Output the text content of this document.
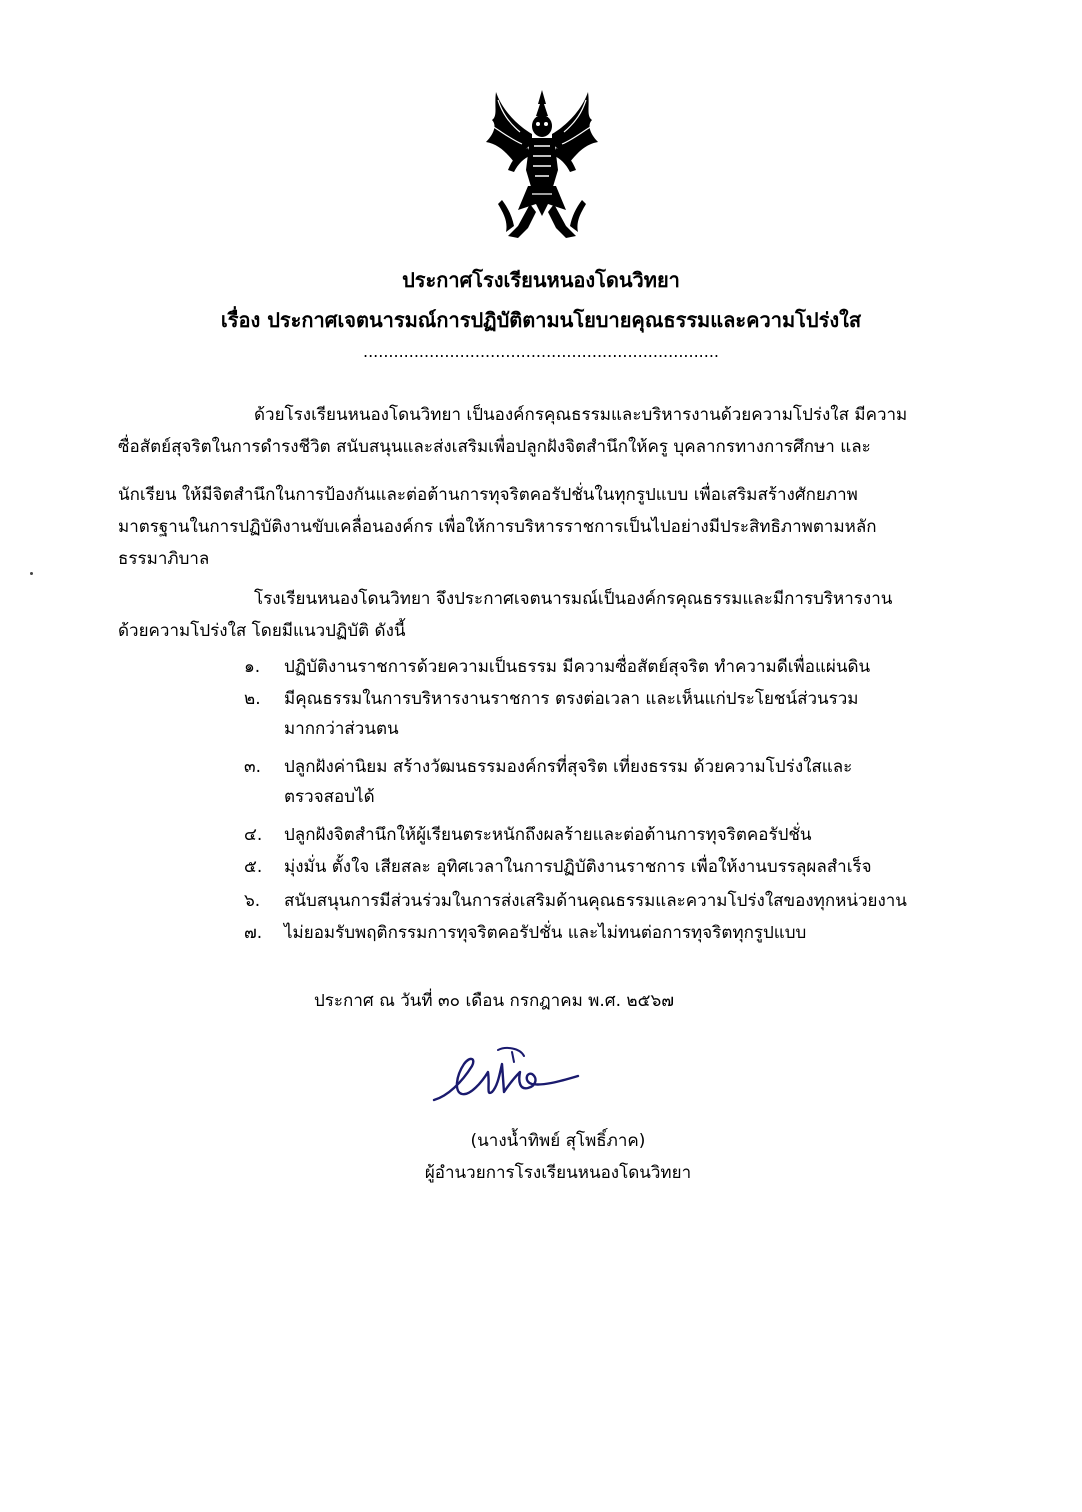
ประกาศโรงเรียนหนองโดนวิทยา
เรื่อง ประกาศเจตนารมณ์การปฏิบัติตามนโยบายคุณธรรมและความโปร่งใส
......................................................................
ด้วยโรงเรียนหนองโดนวิทยา เป็นองค์กรคุณธรรมและบริหารงานด้วยความโปร่งใส มีความ
ซื่อสัตย์สุจริตในการดำรงชีวิต สนับสนุนและส่งเสริมเพื่อปลูกฝังจิตสำนึกให้ครู บุคลากรทางการศึกษา และ
นักเรียน ให้มีจิตสำนึกในการป้องกันและต่อต้านการทุจริตคอรัปชั่นในทุกรูปแบบ เพื่อเสริมสร้างศักยภาพ
มาตรฐานในการปฏิบัติงานขับเคลื่อนองค์กร เพื่อให้การบริหารราชการเป็นไปอย่างมีประสิทธิภาพตามหลัก
ธรรมาภิบาล
โรงเรียนหนองโดนวิทยา จึงประกาศเจตนารมณ์เป็นองค์กรคุณธรรมและมีการบริหารงาน
ด้วยความโปร่งใส โดยมีแนวปฏิบัติ ดังนี้
๑. ปฏิบัติงานราชการด้วยความเป็นธรรม มีความซื่อสัตย์สุจริต ทำความดีเพื่อแผ่นดิน
๒. มีคุณธรรมในการบริหารงานราชการ ตรงต่อเวลา และเห็นแก่ประโยชน์ส่วนรวม
มากกว่าส่วนตน
๓. ปลูกฝังค่านิยม สร้างวัฒนธรรมองค์กรที่สุจริต เที่ยงธรรม ด้วยความโปร่งใสและ
ตรวจสอบได้
๔. ปลูกฝังจิตสำนึกให้ผู้เรียนตระหนักถึงผลร้ายและต่อต้านการทุจริตคอรัปชั่น
๕. มุ่งมั่น ตั้งใจ เสียสละ อุทิศเวลาในการปฏิบัติงานราชการ เพื่อให้งานบรรลุผลสำเร็จ
๖. สนับสนุนการมีส่วนร่วมในการส่งเสริมด้านคุณธรรมและความโปร่งใสของทุกหน่วยงาน
๗. ไม่ยอมรับพฤติกรรมการทุจริตคอรัปชั่น และไม่ทนต่อการทุจริตทุกรูปแบบ
ประกาศ ณ วันที่ ๓๐ เดือน กรกฎาคม พ.ศ. ๒๕๖๗
(นางน้ำทิพย์ สุโพธิ์ภาค)
ผู้อำนวยการโรงเรียนหนองโดนวิทยา
